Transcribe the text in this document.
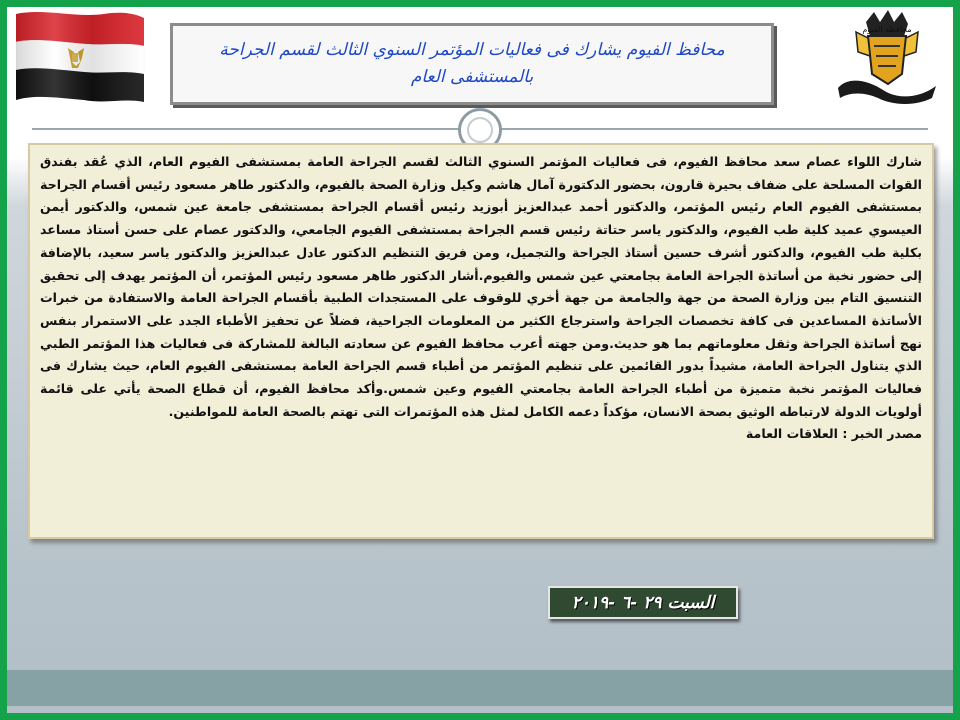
محافظ الفيوم يشارك فى فعاليات المؤتمر السنوي الثالث لقسم الجراحة بالمستشفى العام
محافظة الفيوم

شارك اللواء عصام سعد محافظ الفيوم، فى فعاليات المؤتمر السنوي الثالث لقسم الجراحة العامة بمستشفى الفيوم العام، الذي عُقد بفندق القوات المسلحة على ضفاف بحيرة قارون، بحضور الدكتورة آمال هاشم وكيل وزارة الصحة بالفيوم، والدكتور طاهر مسعود رئيس أقسام الجراحة بمستشفى الفيوم العام رئيس المؤتمر، والدكتور أحمد عبدالعزيز أبوزيد رئيس أقسام الجراحة بمستشفى جامعة عين شمس، والدكتور أيمن العيسوي عميد كلية طب الفيوم، والدكتور ياسر حتاتة رئيس قسم الجراحة بمستشفى الفيوم الجامعي، والدكتور عصام على حسن أستاذ مساعد بكلية طب الفيوم، والدكتور أشرف حسين أستاذ الجراحة والتجميل، ومن فريق التنظيم الدكتور عادل عبدالعزيز والدكتور ياسر سعيد، بالإضافة إلى حضور نخبة من أساتذة الجراحة العامة بجامعتي عين شمس والفيوم.أشار الدكتور طاهر مسعود رئيس المؤتمر، أن المؤتمر يهدف إلى تحقيق التنسيق التام بين وزارة الصحة من جهة والجامعة من جهة أخري للوقوف على المستجدات الطبية بأقسام الجراحة العامة والاستفادة من خبرات الأساتذة المساعدين فى كافة تخصصات الجراحة واسترجاع الكثير من المعلومات الجراحية، فضلاً عن تحفيز الأطباء الجدد على الاستمرار بنفس نهج أساتذة الجراحة وثقل معلوماتهم بما هو حديث.ومن جهته أعرب محافظ الفيوم عن سعادته البالغة للمشاركة فى فعاليات هذا المؤتمر الطبي الذي يتناول الجراحة العامة، مشيداً بدور القائمين على تنظيم المؤتمر من أطباء قسم الجراحة العامة بمستشفى الفيوم العام، حيث يشارك فى فعاليات المؤتمر نخبة متميزة من أطباء الجراحة العامة بجامعتي الفيوم وعين شمس.وأكد محافظ الفيوم، أن قطاع الصحة يأتي على قائمة أولويات الدولة لارتباطه الوثيق بصحة الانسان، مؤكداً دعمه الكامل لمثل هذه المؤتمرات التى تهتم بالصحة العامة للمواطنين.

مصدر الخبر : العلاقات العامة

السبت ٢٩ -٦ -٢٠١٩
